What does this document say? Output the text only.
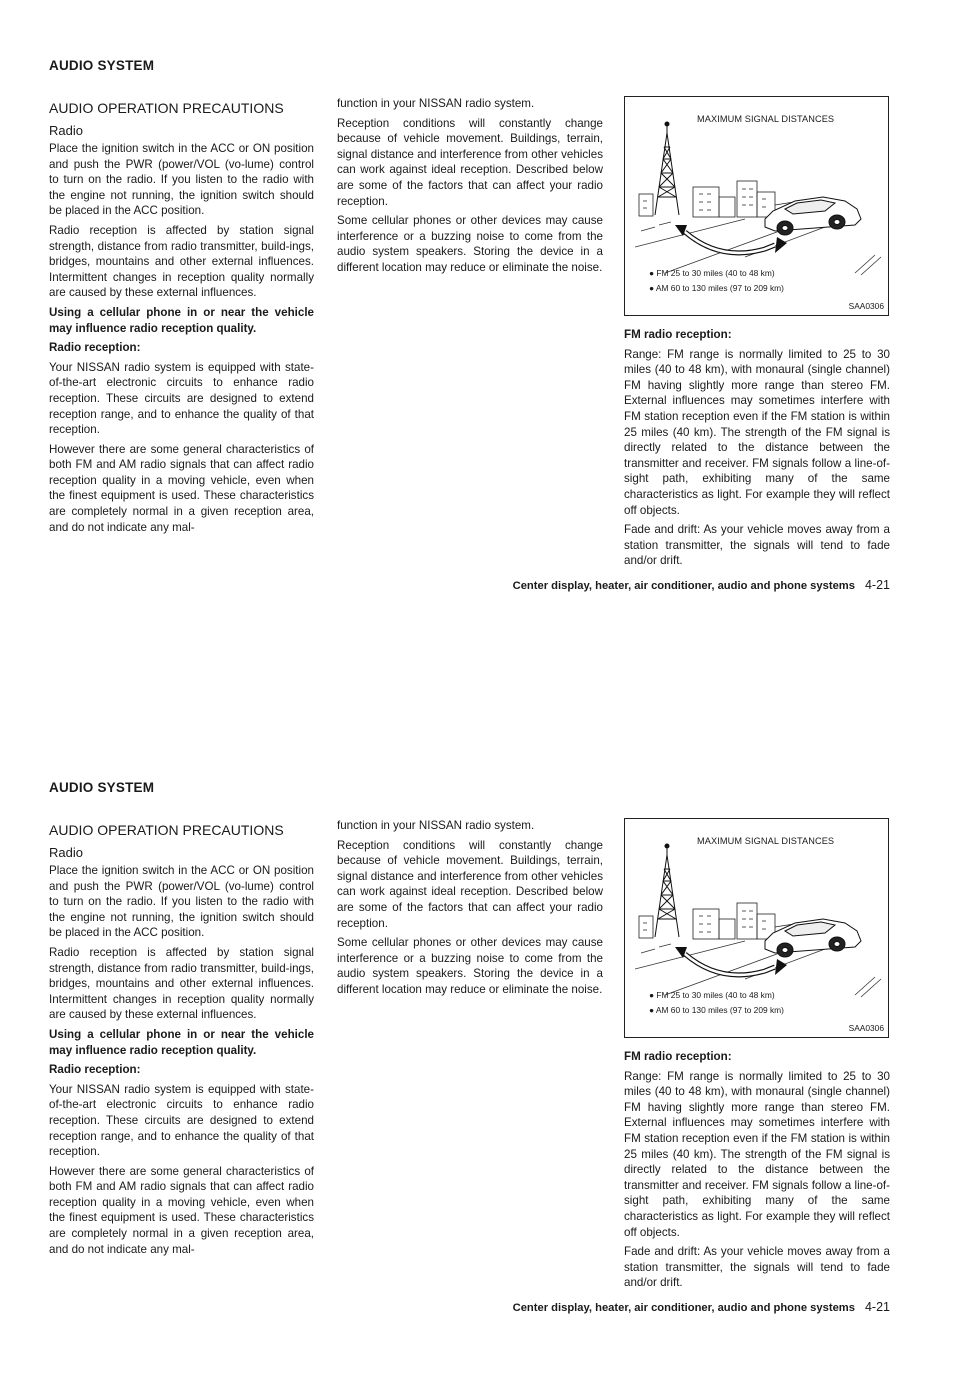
AUDIO SYSTEM

AUDIO OPERATION PRECAUTIONS

Radio

Place the ignition switch in the ACC or ON position and push the PWR (power/VOL (vo-lume) control to turn on the radio. If you listen to the radio with the engine not running, the ignition switch should be placed in the ACC position.

Radio reception is affected by station signal strength, distance from radio transmitter, build-ings, bridges, mountains and other external influences. Intermittent changes in reception quality normally are caused by these external influences.

Using a cellular phone in or near the vehicle may influence radio reception quality.

Radio reception:

Your NISSAN radio system is equipped with state-of-the-art electronic circuits to enhance radio reception. These circuits are designed to extend reception range, and to enhance the quality of that reception.

However there are some general characteristics of both FM and AM radio signals that can affect radio reception quality in a moving vehicle, even when the finest equipment is used. These characteristics are completely normal in a given reception area, and do not indicate any mal-

function in your NISSAN radio system.

Reception conditions will constantly change because of vehicle movement. Buildings, terrain, signal distance and interference from other vehicles can work against ideal reception. Described below are some of the factors that can affect your radio reception.

Some cellular phones or other devices may cause interference or a buzzing noise to come from the audio system speakers. Storing the device in a different location may reduce or eliminate the noise.

MAXIMUM SIGNAL DISTANCES
● FM 25 to 30 miles (40 to 48 km)
● AM 60 to 130 miles (97 to 209 km)
SAA0306

FM radio reception:

Range: FM range is normally limited to 25 to 30 miles (40 to 48 km), with monaural (single channel) FM having slightly more range than stereo FM. External influences may sometimes interfere with FM station reception even if the FM station is within 25 miles (40 km). The strength of the FM signal is directly related to the distance between the transmitter and receiver. FM signals follow a line-of-sight path, exhibiting many of the same characteristics as light. For example they will reflect off objects.

Fade and drift: As your vehicle moves away from a station transmitter, the signals will tend to fade and/or drift.

Center display, heater, air conditioner, audio and phone systems 4-21
AUDIO SYSTEM

AUDIO OPERATION PRECAUTIONS

Radio

Place the ignition switch in the ACC or ON position and push the PWR (power/VOL (vo-lume) control to turn on the radio. If you listen to the radio with the engine not running, the ignition switch should be placed in the ACC position.

Radio reception is affected by station signal strength, distance from radio transmitter, build-ings, bridges, mountains and other external influences. Intermittent changes in reception quality normally are caused by these external influences.

Using a cellular phone in or near the vehicle may influence radio reception quality.

Radio reception:

Your NISSAN radio system is equipped with state-of-the-art electronic circuits to enhance radio reception. These circuits are designed to extend reception range, and to enhance the quality of that reception.

However there are some general characteristics of both FM and AM radio signals that can affect radio reception quality in a moving vehicle, even when the finest equipment is used. These characteristics are completely normal in a given reception area, and do not indicate any mal-

function in your NISSAN radio system.

Reception conditions will constantly change because of vehicle movement. Buildings, terrain, signal distance and interference from other vehicles can work against ideal reception. Described below are some of the factors that can affect your radio reception.

Some cellular phones or other devices may cause interference or a buzzing noise to come from the audio system speakers. Storing the device in a different location may reduce or eliminate the noise.

MAXIMUM SIGNAL DISTANCES
● FM 25 to 30 miles (40 to 48 km)
● AM 60 to 130 miles (97 to 209 km)
SAA0306

FM radio reception:

Range: FM range is normally limited to 25 to 30 miles (40 to 48 km), with monaural (single channel) FM having slightly more range than stereo FM. External influences may sometimes interfere with FM station reception even if the FM station is within 25 miles (40 km). The strength of the FM signal is directly related to the distance between the transmitter and receiver. FM signals follow a line-of-sight path, exhibiting many of the same characteristics as light. For example they will reflect off objects.

Fade and drift: As your vehicle moves away from a station transmitter, the signals will tend to fade and/or drift.

Center display, heater, air conditioner, audio and phone systems 4-21
